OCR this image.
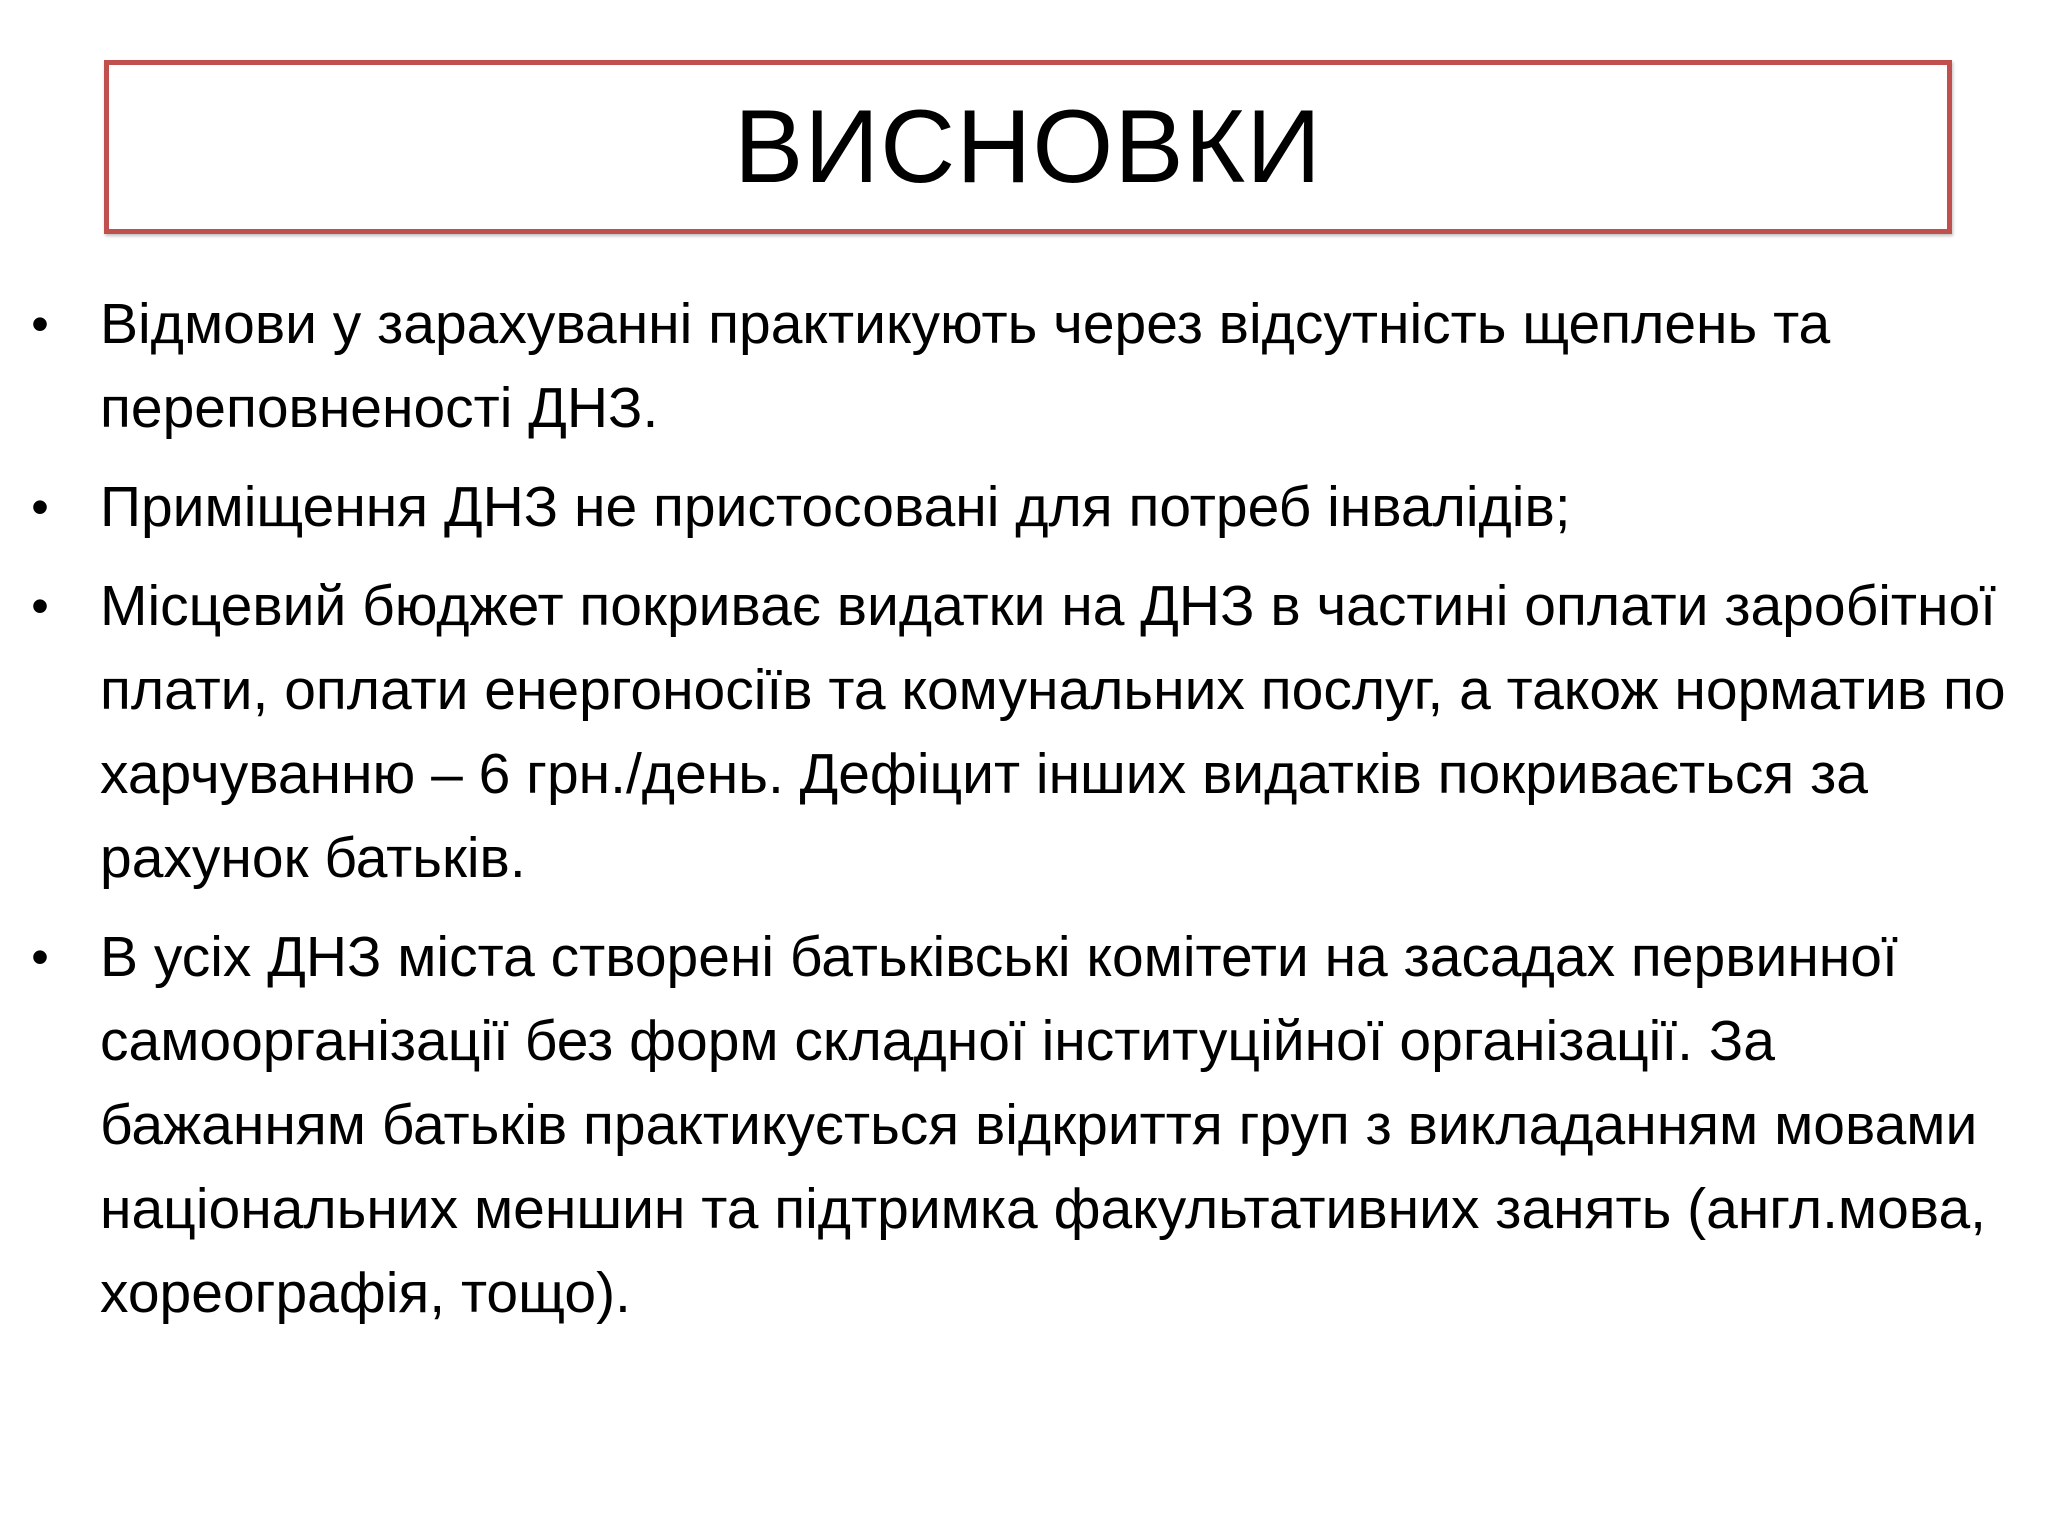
ВИСНОВКИ
• Відмови у зарахуванні практикують через відсутність щеплень та переповненості ДНЗ.
• Приміщення ДНЗ не пристосовані для потреб інвалідів;
• Місцевий бюджет покриває видатки на ДНЗ в частині оплати заробітної плати, оплати енергоносіїв та комунальних послуг, а також норматив по харчуванню – 6 грн./день. Дефіцит інших видатків покривається за рахунок батьків.
• В усіх ДНЗ міста створені батьківські комітети на засадах первинної самоорганізації без форм складної інституційної організації. За бажанням батьків практикується відкриття груп з викладанням мовами національних меншин та підтримка факультативних занять (англ.мова, хореографія, тощо).
